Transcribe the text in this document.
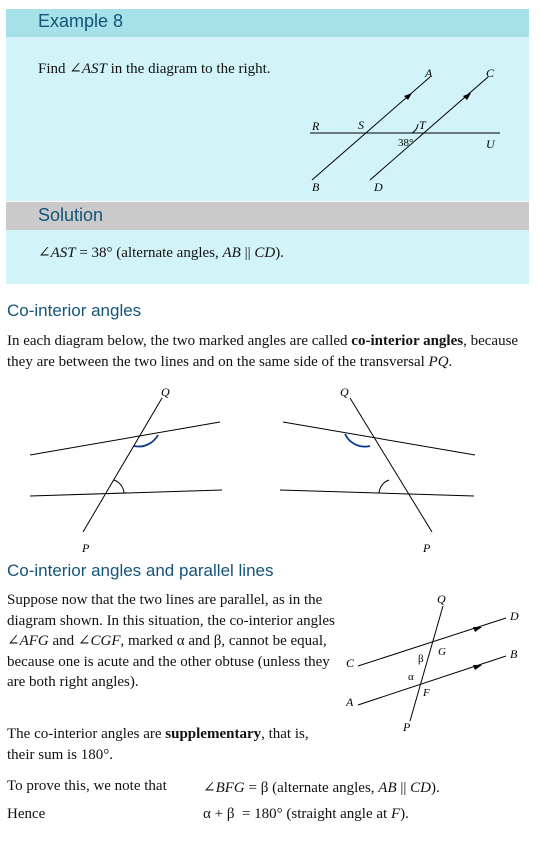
Example 8
Find ∠AST in the diagram to the right.	A	C
R	S	T
U
38°
B	D
Solution
∠AST = 38° (alternate angles, AB || CD).
Co-interior angles
In each diagram below, the two marked angles are called co-interior angles, because they are between the two lines and on the same side of the transversal PQ.
Q
P
Q
P
Co-interior angles and parallel lines
Suppose now that the two lines are parallel, as in the diagram shown. In this situation, the co-interior angles ∠AFG and ∠CGF, marked α and β, cannot be equal, because one is acute and the other obtuse (unless they are both right angles).
Q
D
C
G	B
β
α
F
A
P
The co-interior angles are supplementary, that is, their sum is 180°.
To prove this, we note that ∠BFG = β (alternate angles, AB || CD).
Hence	α + β  = 180° (straight angle at F).
